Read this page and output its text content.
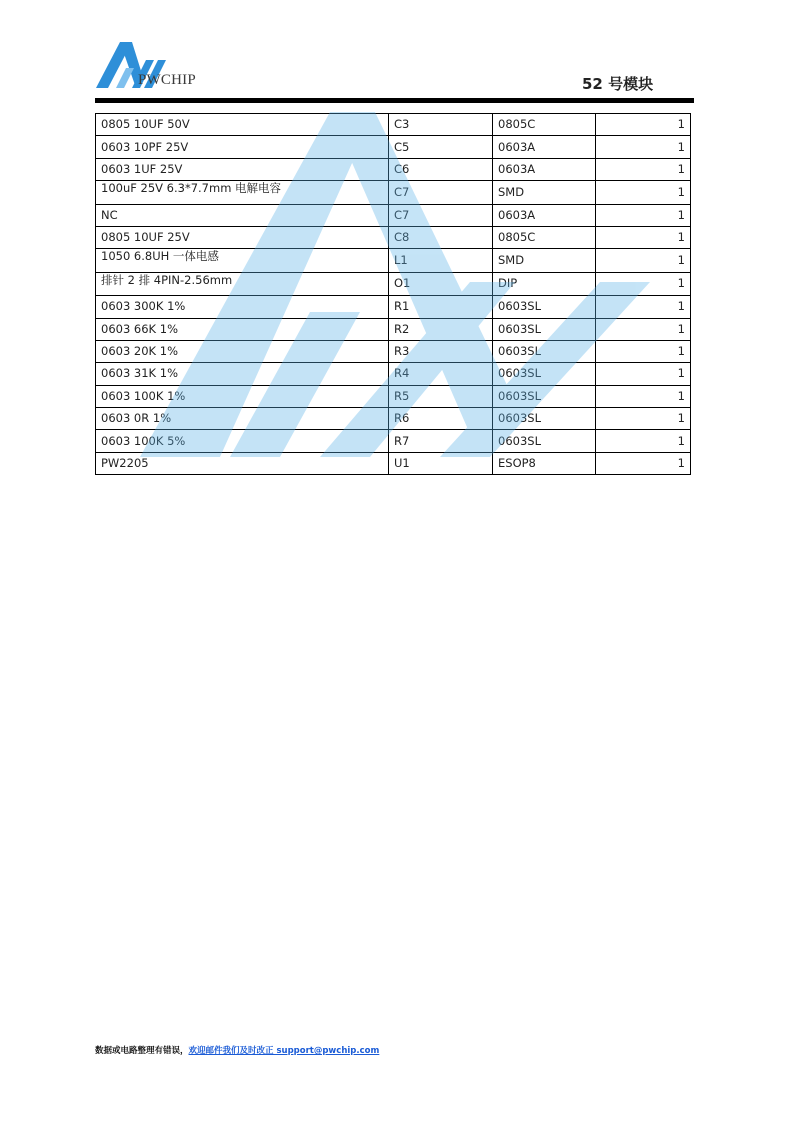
PWCHIP	52 号模块
0805 10UF 50V	C3	0805C	1
0603 10PF 25V	C5	0603A	1
0603 1UF 25V	C6	0603A	1
100uF 25V 6.3*7.7mm 电解电容	C7	SMD	1
NC	C7	0603A	1
0805 10UF 25V	C8	0805C	1
1050 6.8UH 一体电感	L1	SMD	1
排针 2 排 4PIN-2.56mm	O1	DIP	1
0603 300K 1%	R1	0603SL	1
0603 66K 1%	R2	0603SL	1
0603 20K 1%	R3	0603SL	1
0603 31K 1%	R4	0603SL	1
0603 100K 1%	R5	0603SL	1
0603 0R 1%	R6	0603SL	1
0603 100K 5%	R7	0603SL	1
PW2205	U1	ESOP8	1
数据或电路整理有错误，欢迎邮件我们及时改正 support@pwchip.com
